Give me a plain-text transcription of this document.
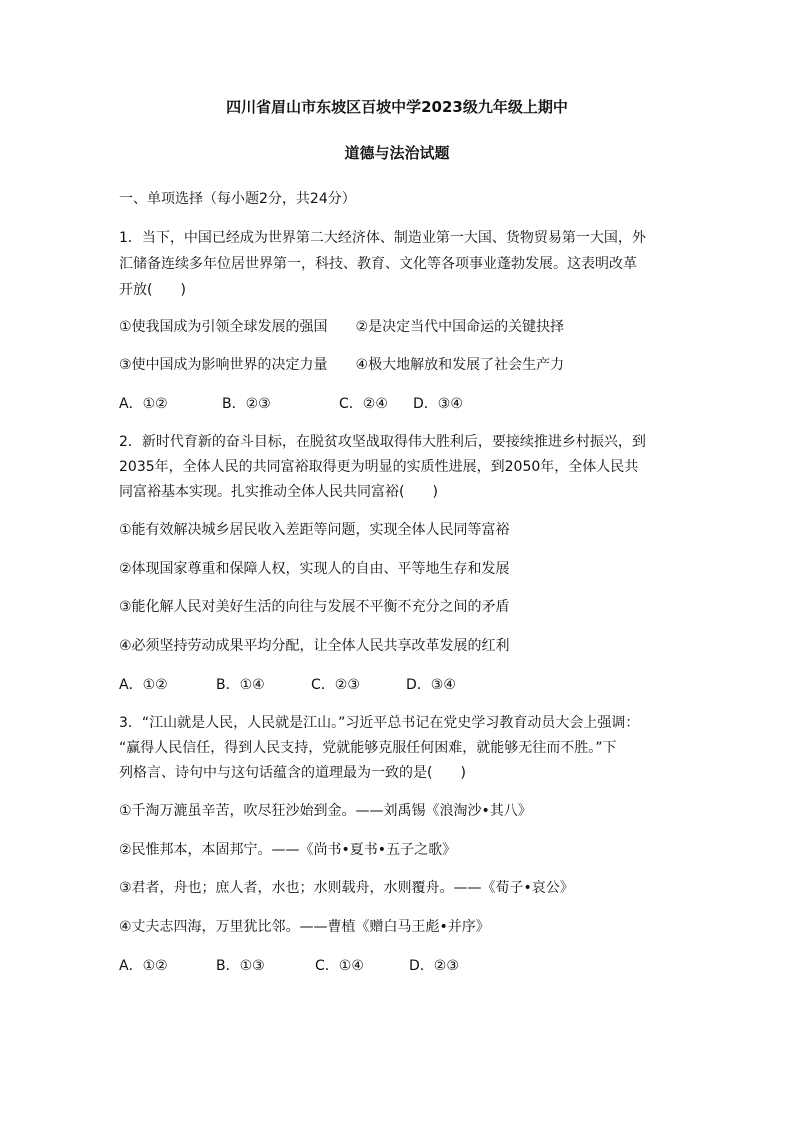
四川省眉山市东坡区百坡中学2023级九年级上期中
道德与法治试题
一、单项选择（每小题2分，共24分）
1．当下，中国已经成为世界第二大经济体、制造业第一大国、货物贸易第一大国，外
汇储备连续多年位居世界第一，科技、教育、文化等各项事业蓬勃发展。这表明改革
开放(　　)
①使我国成为引领全球发展的强国　　②是决定当代中国命运的关键抉择
③使中国成为影响世界的决定力量　　④极大地解放和发展了社会生产力
A．①②	B．②③	C．②④ D．③④
2．新时代育新的奋斗目标，在脱贫攻坚战取得伟大胜利后，要接续推进乡村振兴，到
2035年，全体人民的共同富裕取得更为明显的实质性进展，到2050年，全体人民共
同富裕基本实现。扎实推动全体人民共同富裕(　　)
①能有效解决城乡居民收入差距等问题，实现全体人民同等富裕
②体现国家尊重和保障人权，实现人的自由、平等地生存和发展
③能化解人民对美好生活的向往与发展不平衡不充分之间的矛盾
④必须坚持劳动成果平均分配，让全体人民共享改革发展的红利
A．①②	B．①④	C．②③	D．③④
3．“江山就是人民，人民就是江山。”习近平总书记在党史学习教育动员大会上强调：
“赢得人民信任，得到人民支持，党就能够克服任何困难，就能够无往而不胜。”下
列格言、诗句中与这句话蕴含的道理最为一致的是(　　)
①千淘万漉虽辛苦，吹尽狂沙始到金。——刘禹锡《浪淘沙•其八》
②民惟邦本，本固邦宁。——《尚书•夏书•五子之歌》
③君者，舟也；庶人者，水也；水则载舟，水则覆舟。——《荀子•哀公》
④丈夫志四海，万里犹比邻。——曹植《赠白马王彪•并序》
A．①②	B．①③	C．①④	D．②③
